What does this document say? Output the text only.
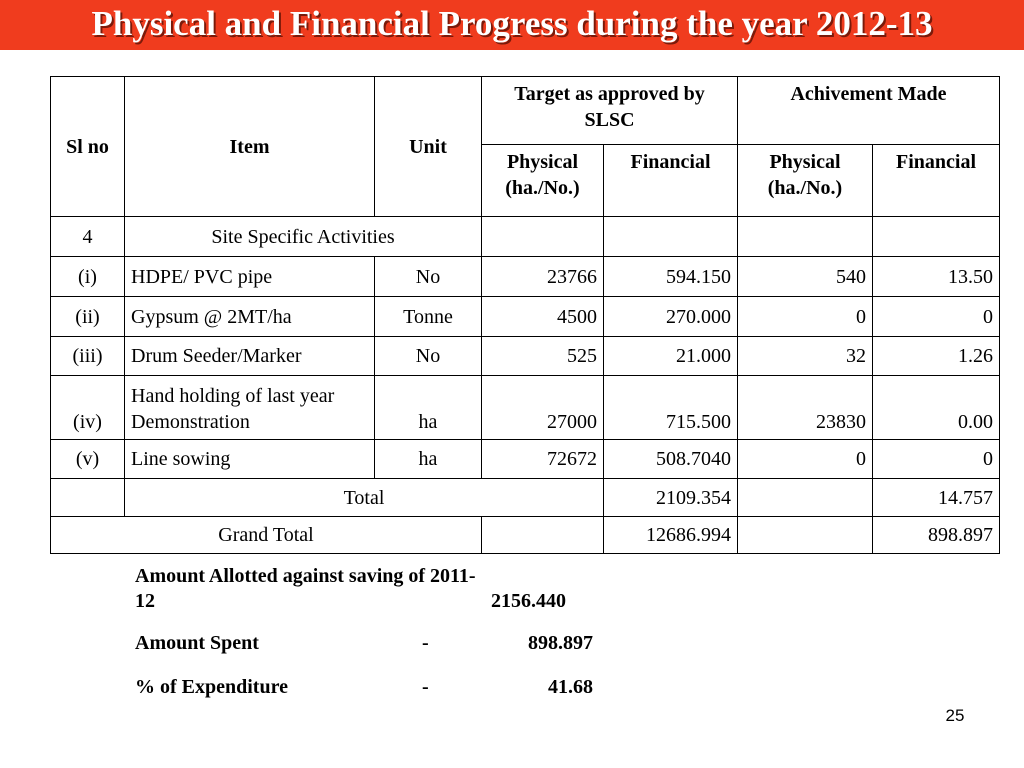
Physical and Financial Progress during the year 2012-13
Sl no	Item	Unit	Target as approved by SLSC		Achivement Made	
			Physical (ha./No.)	Financial	Physical (ha./No.)	Financial
4	Site Specific Activities					
(i)	HDPE/ PVC pipe	No	23766	594.150	540	13.50
(ii)	Gypsum @ 2MT/ha	Tonne	4500	270.000	0	0
(iii)	Drum Seeder/Marker	No	525	21.000	32	1.26
(iv)	Hand holding of last year Demonstration	ha	27000	715.500	23830	0.00
(v)	Line sowing	ha	72672	508.7040	0	0
	Total			2109.354		14.757
Grand Total				12686.994		898.897
Amount Allotted against saving of 2011-12	2156.440
Amount Spent	-	898.897
% of Expenditure	-	41.68
25
